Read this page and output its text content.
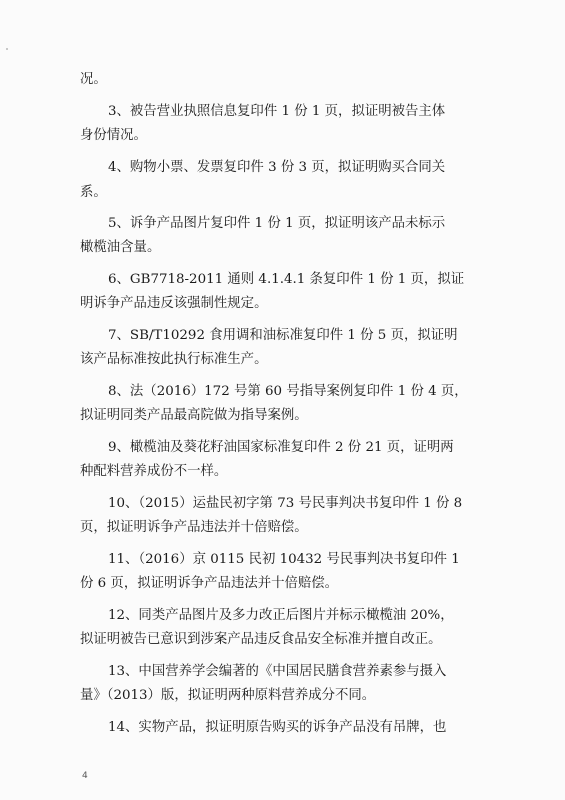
况。
3、被告营业执照信息复印件 1 份 1 页，拟证明被告主体
身份情况。
4、购物小票、发票复印件 3 份 3 页，拟证明购买合同关
系。
5、诉争产品图片复印件 1 份 1 页，拟证明该产品未标示
橄榄油含量。
6、GB7718-2011 通则 4.1.4.1 条复印件 1 份 1 页，拟证
明诉争产品违反该强制性规定。
7、SB/T10292 食用调和油标准复印件 1 份 5 页，拟证明
该产品标准按此执行标准生产。
8、法（2016）172 号第 60 号指导案例复印件 1 份 4 页，
拟证明同类产品最高院做为指导案例。
9、橄榄油及葵花籽油国家标准复印件 2 份 21 页，证明两
种配料营养成份不一样。
10、（2015）运盐民初字第 73 号民事判决书复印件 1 份 8
页，拟证明诉争产品违法并十倍赔偿。
11、（2016）京 0115 民初 10432 号民事判决书复印件 1
份 6 页，拟证明诉争产品违法并十倍赔偿。
12、同类产品图片及多力改正后图片并标示橄榄油 20%，
拟证明被告已意识到涉案产品违反食品安全标准并擅自改正。
13、中国营养学会编著的《中国居民膳食营养素参与摄入
量》（2013）版，拟证明两种原料营养成分不同。
14、实物产品，拟证明原告购买的诉争产品没有吊牌，也
4
